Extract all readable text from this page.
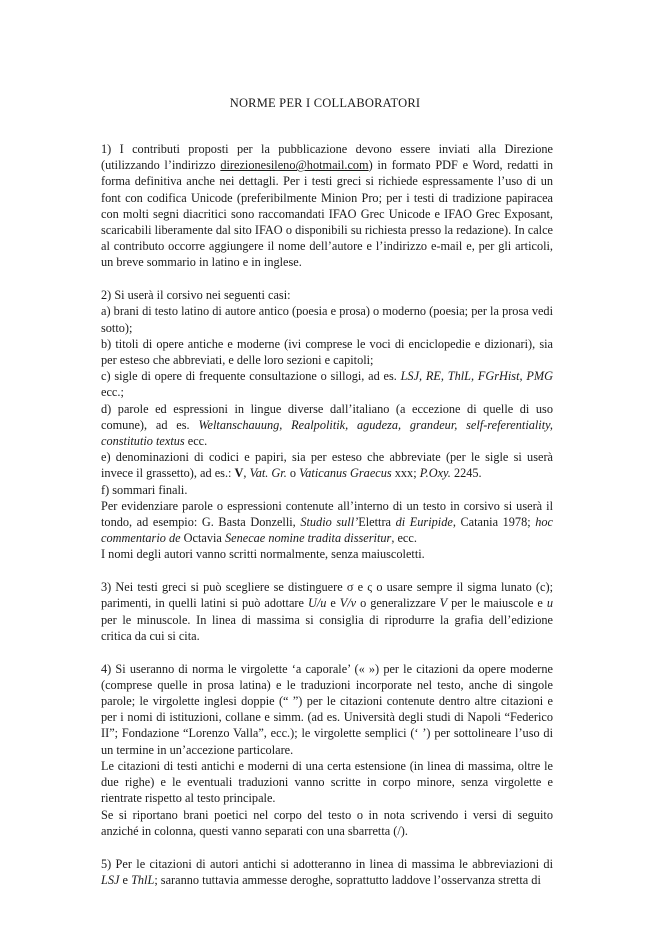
NORME PER I COLLABORATORI

1) I contributi proposti per la pubblicazione devono essere inviati alla Direzione (utilizzando l’indirizzo direzionesileno@hotmail.com) in formato PDF e Word, redatti in forma definitiva anche nei dettagli. Per i testi greci si richiede espressamente l’uso di un font con codifica Unicode (preferibilmente Minion Pro; per i testi di tradizione papiracea con molti segni diacritici sono raccomandati IFAO Grec Unicode e IFAO Grec Exposant, scaricabili liberamente dal sito IFAO o disponibili su richiesta presso la redazione). In calce al contributo occorre aggiungere il nome dell’autore e l’indirizzo e-mail e, per gli articoli, un breve sommario in latino e in inglese.

2) Si userà il corsivo nei seguenti casi:

a) brani di testo latino di autore antico (poesia e prosa) o moderno (poesia; per la prosa vedi sotto);

b) titoli di opere antiche e moderne (ivi comprese le voci di enciclopedie e dizionari), sia per esteso che abbreviati, e delle loro sezioni e capitoli;

c) sigle di opere di frequente consultazione o sillogi, ad es. LSJ, RE, ThlL, FGrHist, PMG ecc.;

d) parole ed espressioni in lingue diverse dall’italiano (a eccezione di quelle di uso comune), ad es. Weltanschauung, Realpolitik, agudeza, grandeur, self-referentiality, constitutio textus ecc.

e) denominazioni di codici e papiri, sia per esteso che abbreviate (per le sigle si userà invece il grassetto), ad es.: V, Vat. Gr. o Vaticanus Graecus xxx; P.Oxy. 2245.

f) sommari finali.

Per evidenziare parole o espressioni contenute all’interno di un testo in corsivo si userà il tondo, ad esempio: G. Basta Donzelli, Studio sull’Elettra di Euripide, Catania 1978; hoc commentario de Octavia Senecae nomine tradita disseritur, ecc.

I nomi degli autori vanno scritti normalmente, senza maiuscoletti.

3) Nei testi greci si può scegliere se distinguere σ e ς o usare sempre il sigma lunato (c); parimenti, in quelli latini si può adottare U/u e V/v o generalizzare V per le maiuscole e u per le minuscole. In linea di massima si consiglia di riprodurre la grafia dell’edizione critica da cui si cita.

4) Si useranno di norma le virgolette ‘a caporale’ (« ») per le citazioni da opere moderne (comprese quelle in prosa latina) e le traduzioni incorporate nel testo, anche di singole parole; le virgolette inglesi doppie (“ ”) per le citazioni contenute dentro altre citazioni e per i nomi di istituzioni, collane e simm. (ad es. Università degli studi di Napoli “Federico II”; Fondazione “Lorenzo Valla”, ecc.); le virgolette semplici (‘ ’) per sottolineare l’uso di un termine in un’accezione particolare.

Le citazioni di testi antichi e moderni di una certa estensione (in linea di massima, oltre le due righe) e le eventuali traduzioni vanno scritte in corpo minore, senza virgolette e rientrate rispetto al testo principale.

Se si riportano brani poetici nel corpo del testo o in nota scrivendo i versi di seguito anziché in colonna, questi vanno separati con una sbarretta (/).

5) Per le citazioni di autori antichi si adotteranno in linea di massima le abbreviazioni di LSJ e ThlL; saranno tuttavia ammesse deroghe, soprattutto laddove l’osservanza stretta di
